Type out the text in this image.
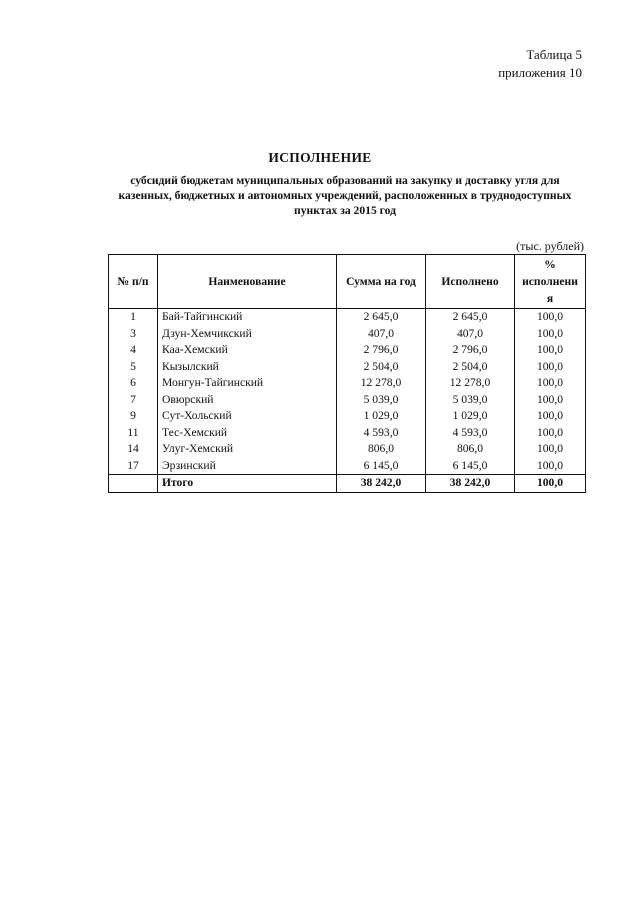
Таблица 5
приложения 10
ИСПОЛНЕНИЕ
субсидий бюджетам муниципальных образований на закупку и доставку угля для казенных, бюджетных и автономных учреждений, расположенных в труднодоступных пунктах за 2015 год
(тыс. рублей)
№ п/п	Наименование	Сумма на год	Исполнено	%
исполнени
я

1	Бай-Тайгинский	2 645,0	2 645,0	100,0
3	Дзун-Хемчикский	407,0	407,0	100,0
4	Каа-Хемский	2 796,0	2 796,0	100,0
5	Кызылский	2 504,0	2 504,0	100,0
6	Монгун-Тайгинский	12 278,0	12 278,0	100,0
7	Овюрский	5 039,0	5 039,0	100,0
9	Сут-Хольский	1 029,0	1 029,0	100,0
11	Тес-Хемский	4 593,0	4 593,0	100,0
14	Улуг-Хемский	806,0	806,0	100,0
17	Эрзинский	6 145,0	6 145,0	100,0
	Итого	38 242,0	38 242,0	100,0
